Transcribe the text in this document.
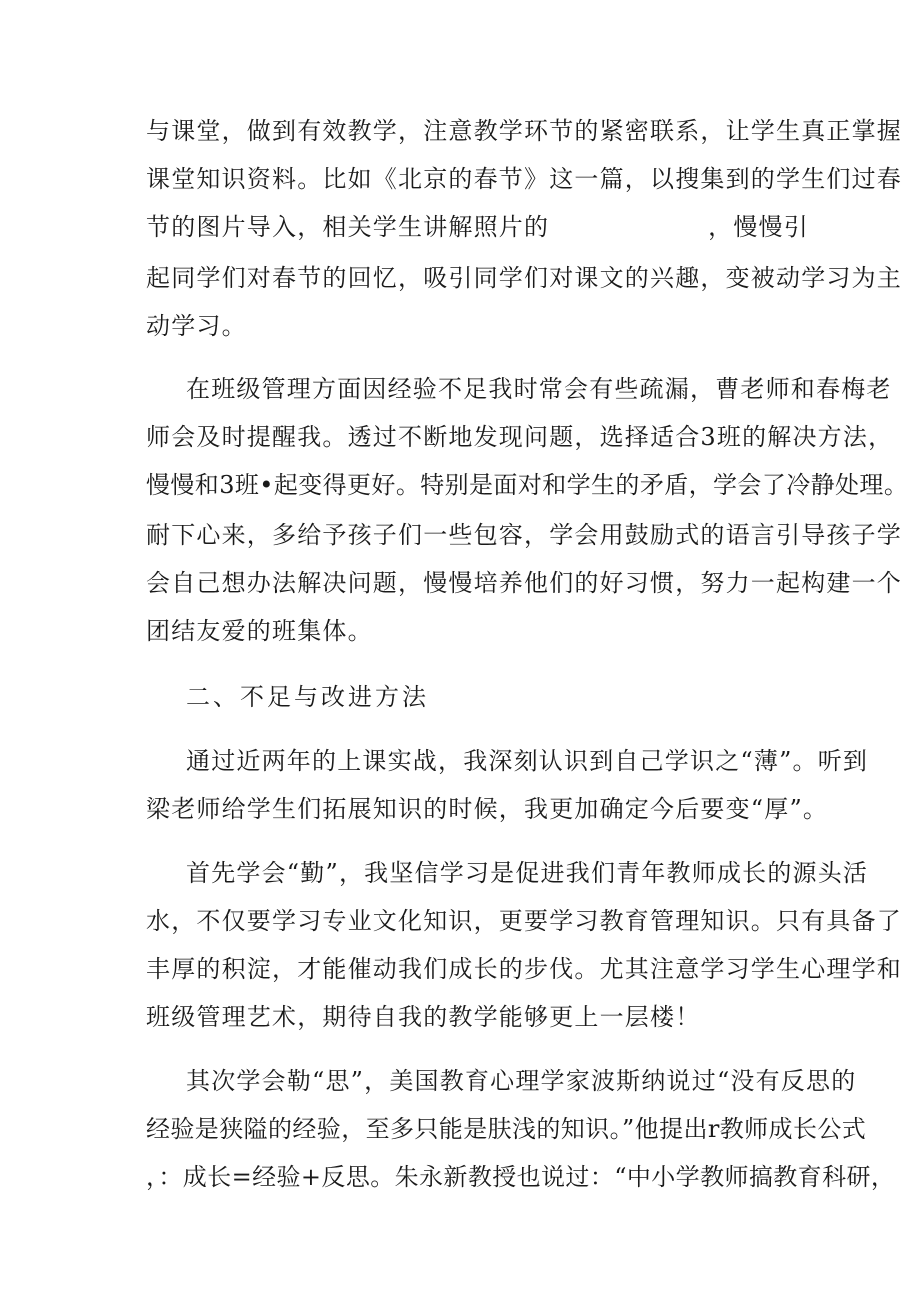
与课堂，做到有效教学，注意教学环节的紧密联系，让学生真正掌握
课堂知识资料。比如《北京的春节》这一篇，以搜集到的学生们过春
节的图片导入，相关学生讲解照片的                  ，慢慢引
起同学们对春节的回忆，吸引同学们对课文的兴趣，变被动学习为主
动学习。
在班级管理方面因经验不足我时常会有些疏漏，曹老师和春梅老
师会及时提醒我。透过不断地发现问题，选择适合3班的解决方法，
慢慢和3班•起变得更好。特别是面对和学生的矛盾，学会了冷静处理。
耐下心来，多给予孩子们一些包容，学会用鼓励式的语言引导孩子学
会自己想办法解决问题，慢慢培养他们的好习惯，努力一起构建一个
团结友爱的班集体。
二、不足与改进方法
通过近两年的上课实战，我深刻认识到自己学识之“薄”。听到
梁老师给学生们拓展知识的时候，我更加确定今后要变“厚”。
首先学会“勤”，我坚信学习是促进我们青年教师成长的源头活
水，不仅要学习专业文化知识，更要学习教育管理知识。只有具备了
丰厚的积淀，才能催动我们成长的步伐。尤其注意学习学生心理学和
班级管理艺术，期待自我的教学能够更上一层楼！
其次学会勒“思”，美国教育心理学家波斯纳说过“没有反思的
经验是狭隘的经验，至多只能是肤浅的知识。”他提出r教师成长公式
，：成长=经验+反思。朱永新教授也说过：“中小学教师搞教育科研，
